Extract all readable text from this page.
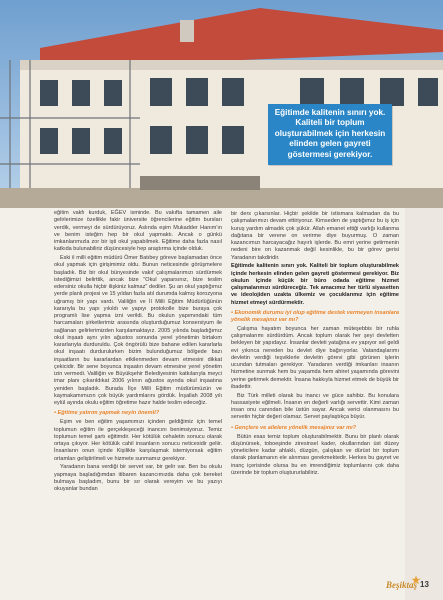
Eğitimde kalitenin sınırı yok. Kaliteli bir toplum oluşturabilmek için herkesin elinden gelen gayreti göstermesi gerekiyor.

eğitim vakfı kurduk, EĞEV isminde. Bu vakıfta tamamen aile gelirlerimize özellikle fakir üniversite öğrencilerine eğitim bursları verdik, vermeyi de sürdürüyoruz. Aslında eşim Mukadder Hanım'ın ve benim isteğim hep bir okul yapmaktı. Ancak o günkü imkanlarımızla zor bir işti okul yapabilmek. Eğitime daha fazla nasıl katkıda bulunabiliriz düşüncesiyle hep araştırma içinde olduk.

Eski il milli eğitim müdürü Ömer Batıbey göreve başlamadan önce okul yapmak için girişimimiz oldu. Bunun neticesinde görüşmelere başladık. Biz bir okul bünyesinde vakıf çalışmalarımızı sürdürmek istediğimizi belirttik, ancak bize "Okul yaparsınız, bize teslim edersiniz okulla hiçbir ilişkiniz kalmaz" dediler. Şu an okul yaptığımız yerde planlı projesi ve 15 yıldan fazla atıl durumda kalmış korozyona uğramış bir yapı vardı. Valiliğin ve İl Milli Eğitim Müdürlüğünün kararıyla bu yapı yıkıldı ve yapıyı protokolle bize buraya çok programlı lise yapma izni verildi. Bu okulun yapımındaki tüm harcamaları şirketlerimiz arasında oluşturduğumuz konsersiyum ile sağlanan gelirlerimizden karşılamaktayız. 2005 yılında başladığımız okul inşaatı aynı yılın ağustos sonunda yerel yönetimin birtakım kararlarıyla durduruldu. Çok öngörülü bize bahane edilen kararlarla okul inşaatı durdurulurken bizim bulunduğumuz bölgede bazı inşaatların bu kararlardan etkilenmeden devam etmesini dikkat çekicidir. Bir sene boyunca inşaatın devam etmesine yerel yönetim izin vermedi. Valiliğin ve Büyükşehir Belediyesinin katkılarıyla meyci imar planı çıkarıldıkat 2006 yılının ağustos ayında okul inşaatına yeniden başladık. Burada İlçe Milli Eğitim müdürümüzün ve kaymakamımızın çok büyük yardımlarını gördük. İnşallah 2008 yılı eylül ayında okulu eğitim öğretime hazır halde teslim edeceğiz.

• Eğitime yatırım yapmak neyin önemli?

Eşim ve ben eğitim yaşamımızı içinden geldiğimiz için temel toplumun eğitim ile gerçekleşeceği inancını benimsiyoruz. Temiz toplumun temel şartı eğitimdir. Her kötülük cehaletin sonucu olarak ortaya çıkıyor. Her kötülük cahil insanların sonucu neticesidir geliir. İnsanların onun içinde Kişilikte karşılaşmak istemiyorsak eğitim ortamları geliştirilmeli ve hizmete sunmamız gerekiyor.

Yaradanın bana verdiği bir servet var, bir gelir var. Ben bu okulu yapmaya başladığımdan itibaren kazancımızda daha çok bereket bulmaya başladım, bunu bir sır olarak vereyim ve bu yazıyı okuyanlar bundan

bir ders çıkarsınlar. Hiçbir şekilde bir istismara kalmadan da bu çalışmalarımızı devam ettiriyoruz. Kimseden de yaptığımız bu iş için kuruş yardım almadık çok şükür. Allah emanet ettiği varlığı kullanma dağıtana bir verene on verirme diye buyurmuş. O zaman kazancımızı harcayacağız hayırlı işlerde. Bu emri yerine getirmenin nedeni bire on kazanmak değil kesinlikle, bu bir görev gerisi Yaradanın takdiridir.

Eğitimde kalitenin sınırı yok. Kaliteli bir toplum oluşturabilmek içinde herkesin elinden gelen gayreti göstermesi gerekiyor. Biz okulun içinde küçük bir büro odada eğitime hizmet çalışmalarımızı sürdüreceğiz. Tek amacımız her türlü siyasetten ve ideolojiden uzakta ülkemiz ve çocuklarımız için eğitime hizmet etmeyi sürdürmektir.

• Ekonomik durumu iyi olup eğitime destek vermeyen insanlara yönelik mesajınız var mı?

Çalışma hayatım boyunca her zaman müteşebbis bir ruhla çalışmalarımı sürdürdüm. Ancak toplum olarak her şeyi devletten bekleyen bir yapıdayız. İnsanlar devleti yatağına ev yapıyor sel geldi evi yıkınca nereden bu devlet diye bağırıyorlar. Vatandaşlarımı devletin verdiği teşviklerle devletin görevi gibi görünen işlerin ucundan tutmaları gerekiyor. Yaradanın verdiği imkanları insanın hizmetine sunmak hem bu yaşamda hem ahiret yaşamında görevini yerine getirmek demektir. İnsana hakkıyla hizmet etmek de büyük bir ibadettir.

Biz Türk milleti olarak bu inancı ve güce sahibiz. Bu konulara hassasiyete eğilmeli. İnsanın en değerli varlığı servettir. Kimi zaman insan onu canından bile üstün sayar. Ancak verici olanmasını bu servetin hiçbir değeri olamaz. Servet paylaştıkça büyür.

• Gençlere ve ailelere yönelik mesajınız var mı?

Bütün esas temiz toplum oluşturabilmektir. Bunu bir planlı olarak düşünürsek, toboeşinde ziresinsel kader, okullarından üst düzey yöneticilere kadar ahlaklı, düzgün, çalışkan ve dürüst bir toplum olarak planlamanın ele alınması gerekmektedir. Herkes bu gayret ve inanç içerisinde olursa bu en imrendiğimiz toplumlarını çok daha üzerinde bir toplum oluştururlabiliriz.

Beşiktaş 13
